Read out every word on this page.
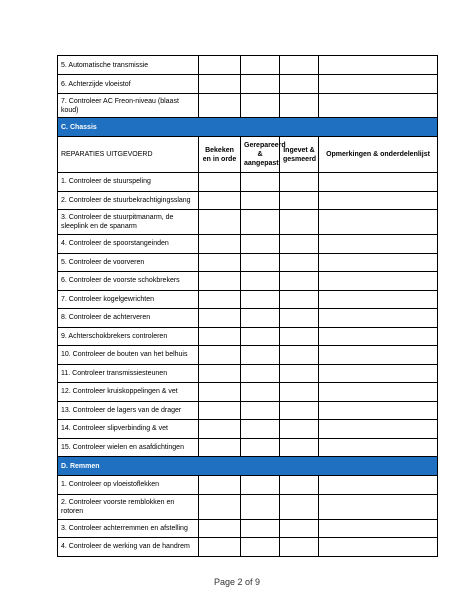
5. Automatische transmissie				
6. Achterzijde vloeistof				
7. Controleer AC Freon-niveau (blaast koud)				
C. Chassis				
REPARATIES UITGEVOERD	Bekeken en in orde	Gerepareerd & aangepast	Ingevet & gesmeerd	Opmerkingen & onderdelenlijst
1. Controleer de stuurspeling				
2. Controleer de stuurbekrachtigingsslang				
3. Controleer de stuurpitmanarm, de sleeplink en de spanarm				
4. Controleer de spoorstangeinden				
5. Controleer de voorveren				
6. Controleer de voorste schokbrekers				
7. Controleer kogelgewrichten				
8. Controleer de achterveren				
9. Achterschokbrekers controleren				
10. Controleer de bouten van het belhuis				
11. Controleer transmissiesteunen				
12. Controleer kruiskoppelingen & vet				
13. Controleer de lagers van de drager				
14. Controleer slipverbinding & vet				
15. Controleer wielen en asafdichtingen				
D. Remmen				
1. Controleer op vloeistoflekken				
2. Controleer voorste remblokken en rotoren				
3. Controleer achterremmen en afstelling				
4. Controleer de werking van de handrem				
Page 2 of 9
